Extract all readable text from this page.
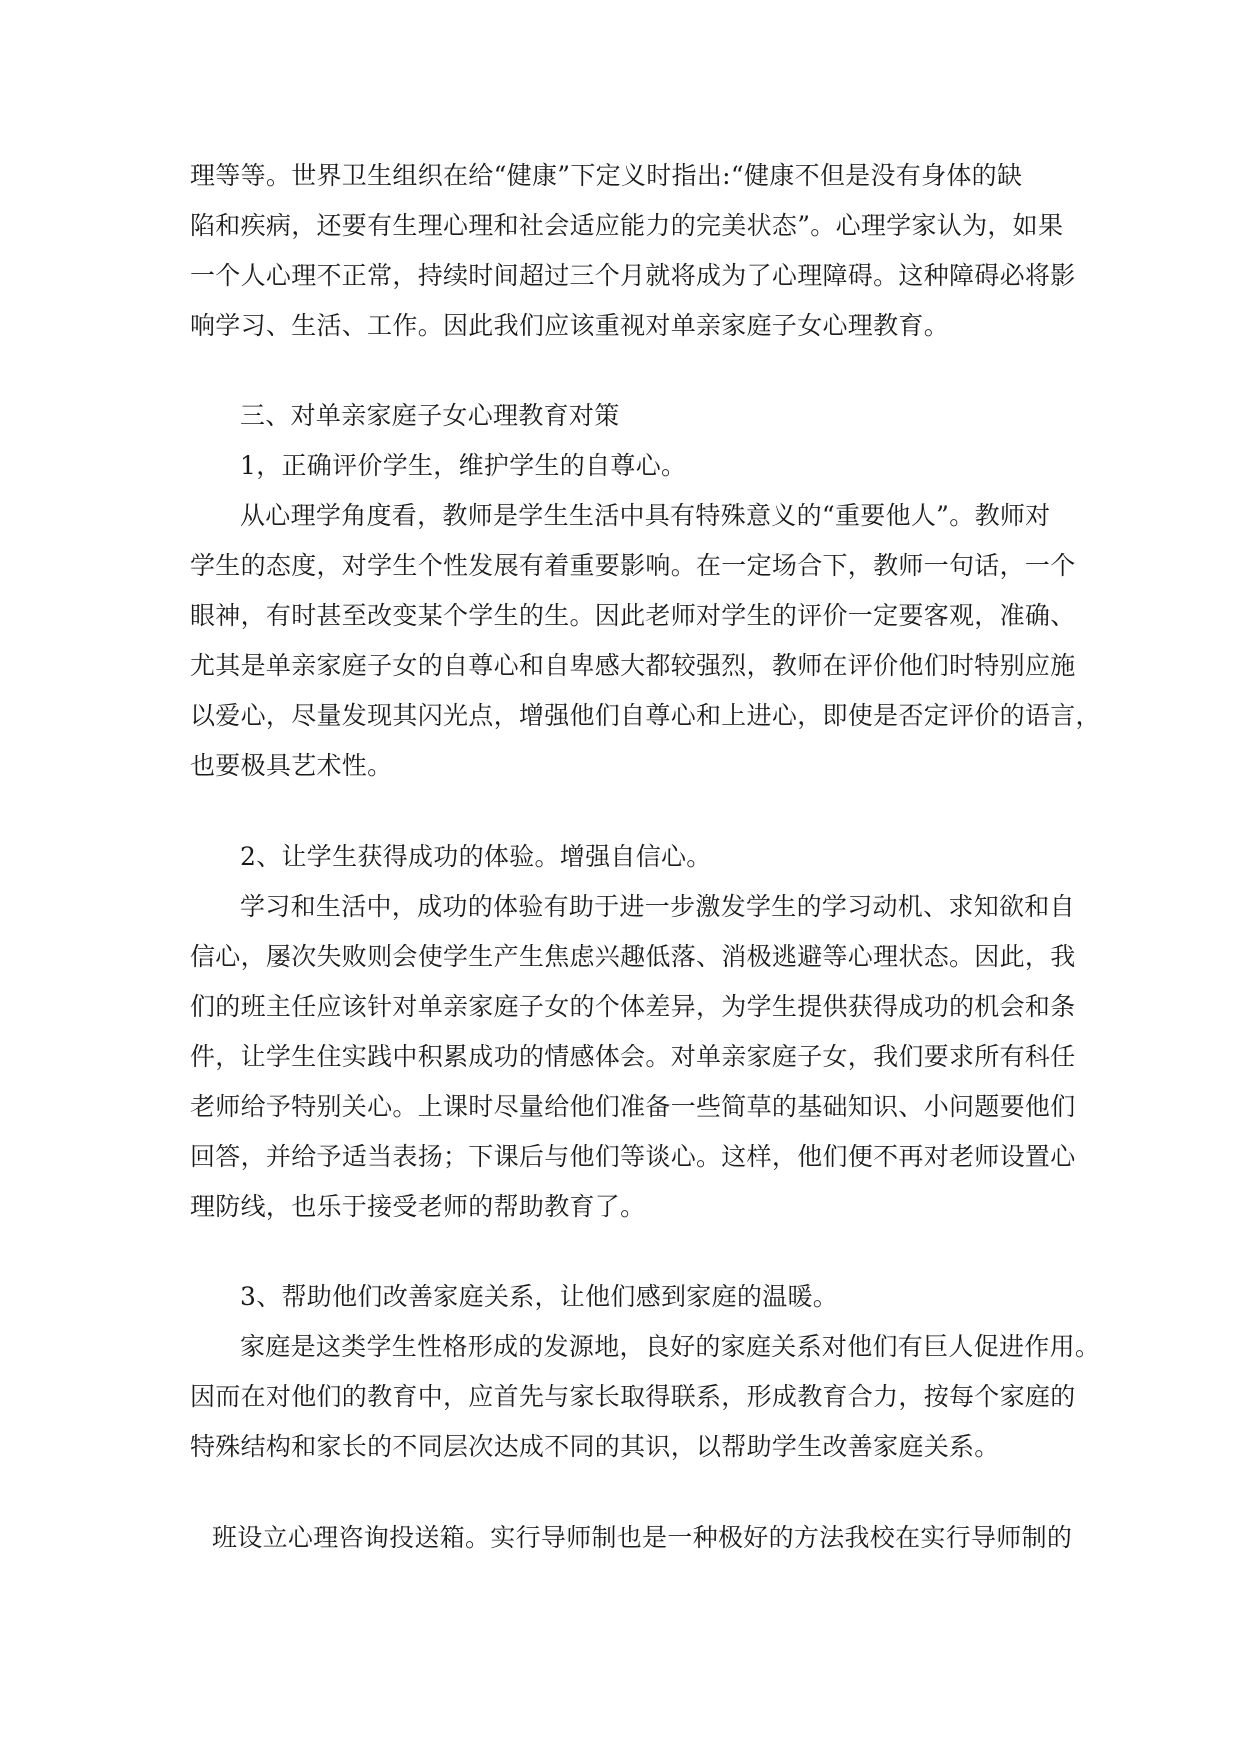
理等等。世界卫生组织在给“健康”下定义时指出:“健康不但是没有身体的缺
陷和疾病，还要有生理心理和社会适应能力的完美状态”。心理学家认为，如果
一个人心理不正常，持续时间超过三个月就将成为了心理障碍。这种障碍必将影
响学习、生活、工作。因此我们应该重视对单亲家庭子女心理教育。
三、对单亲家庭子女心理教育对策
1，正确评价学生，维护学生的自尊心。
从心理学角度看，教师是学生生活中具有特殊意义的“重要他人”。教师对
学生的态度，对学生个性发展有着重要影响。在一定场合下，教师一句话，一个
眼神，有时甚至改变某个学生的生。因此老师对学生的评价一定要客观，准确、
尤其是单亲家庭子女的自尊心和自卑感大都较强烈，教师在评价他们时特别应施
以爱心，尽量发现其闪光点，增强他们自尊心和上进心，即使是否定评价的语言，
也要极具艺术性。
2、让学生获得成功的体验。增强自信心。
学习和生活中，成功的体验有助于进一步激发学生的学习动机、求知欲和自
信心，屡次失败则会使学生产生焦虑兴趣低落、消极逃避等心理状态。因此，我
们的班主任应该针对单亲家庭子女的个体差异，为学生提供获得成功的机会和条
件，让学生住实践中积累成功的情感体会。对单亲家庭子女，我们要求所有科任
老师给予特别关心。上课时尽量给他们准备一些简草的基础知识、小问题要他们
回答，并给予适当表扬；下课后与他们等谈心。这样，他们便不再对老师设置心
理防线，也乐于接受老师的帮助教育了。
3、帮助他们改善家庭关系，让他们感到家庭的温暖。
家庭是这类学生性格形成的发源地，良好的家庭关系对他们有巨人促进作用。
因而在对他们的教育中，应首先与家长取得联系，形成教育合力，按每个家庭的
特殊结构和家长的不同层次达成不同的其识，以帮助学生改善家庭关系。
班设立心理咨询投送箱。实行导师制也是一种极好的方法我校在实行导师制的
